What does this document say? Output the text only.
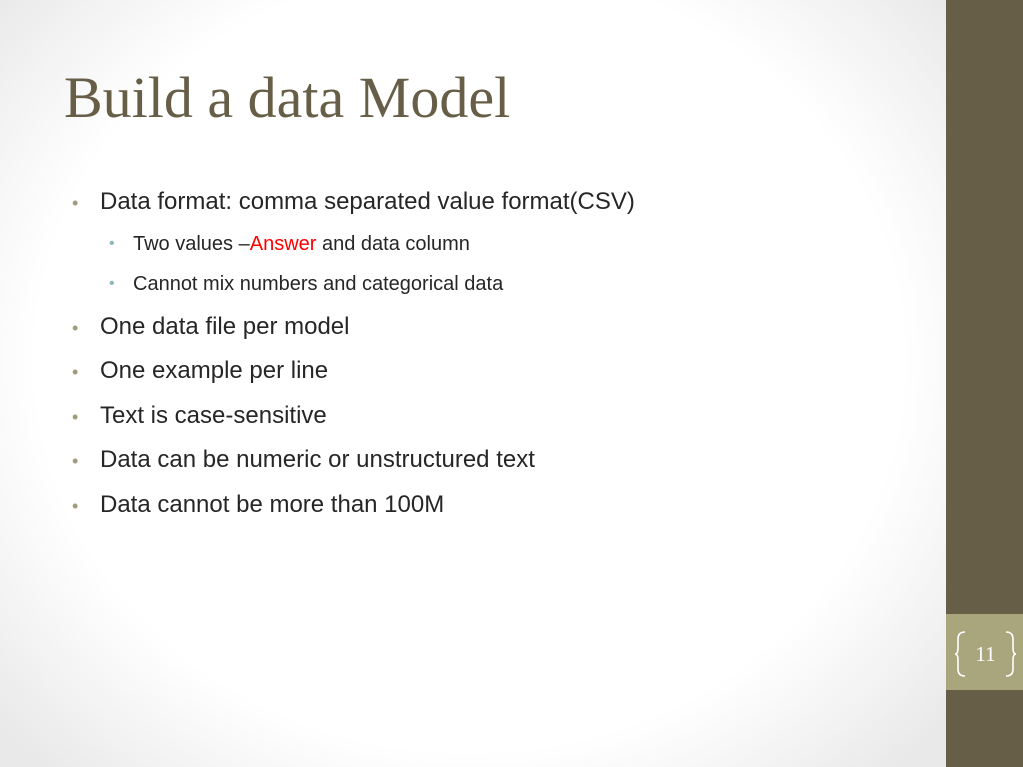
Build a data Model
• Data format: comma separated value format(CSV)
• Two values –Answer and data column
• Cannot mix numbers and categorical data
• One data file per model
• One example per line
• Text is case-sensitive
• Data can be numeric or unstructured text
• Data cannot be more than 100M
11
